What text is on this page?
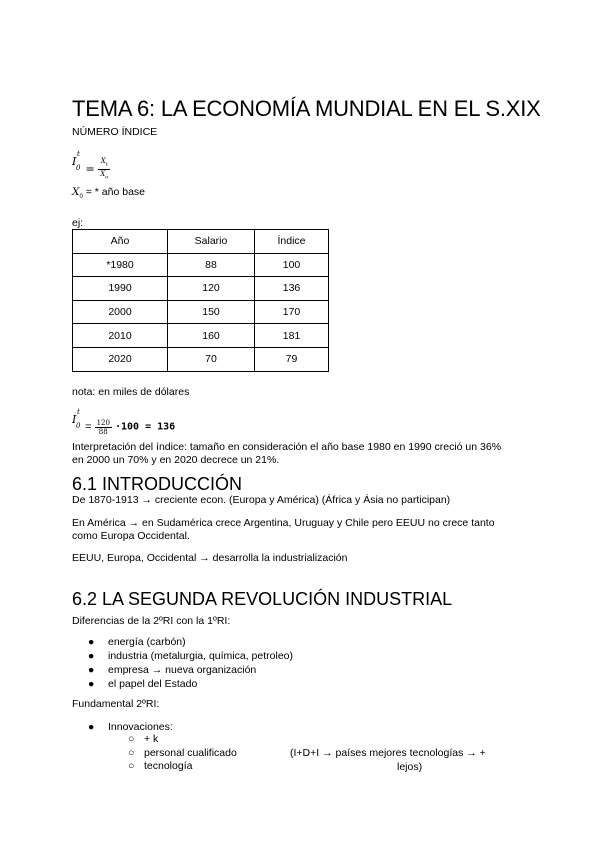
TEMA 6: LA ECONOMÍA MUNDIAL EN EL S.XIX
NÚMERO ÍNDICE
I
t
$0 = \frac{X_t}{X_o}$
$X_0$ = * año base
ej:
Año	Salario	Índice
*1980	88	100
1990	120	136
2000	150	170
2010	160	181
2020	70	79
nota: en miles de dólares
I
t
$0 = \frac{120}{88} \cdot 100 = 136$
Interpretación del índice: tamaño en consideración el año base 1980 en 1990 creció un 36%
en 2000 un 70% y en 2020 decrece un 21%.
6.1 INTRODUCCIÓN
De 1870-1913 → creciente econ. (Europa y América) (África y Ásia no participan)
En América → en Sudamérica crece Argentina, Uruguay y Chile pero EEUU no crece tanto
como Europa Occidental.
EEUU, Europa, Occidental → desarrolla la industrialización
6.2 LA SEGUNDA REVOLUCIÓN INDUSTRIAL
Diferencias de la 2ºRI con la 1ºRI:
● energía (carbón)
● industria (metalurgia, química, petroleo)
● empresa → nueva organización
● el papel del Estado
Fundamental 2ºRI:
● Innovaciones:
○ + k
○ personal cualificado
○ tecnología
(I+D+I → países mejores tecnologías → +
lejos)
